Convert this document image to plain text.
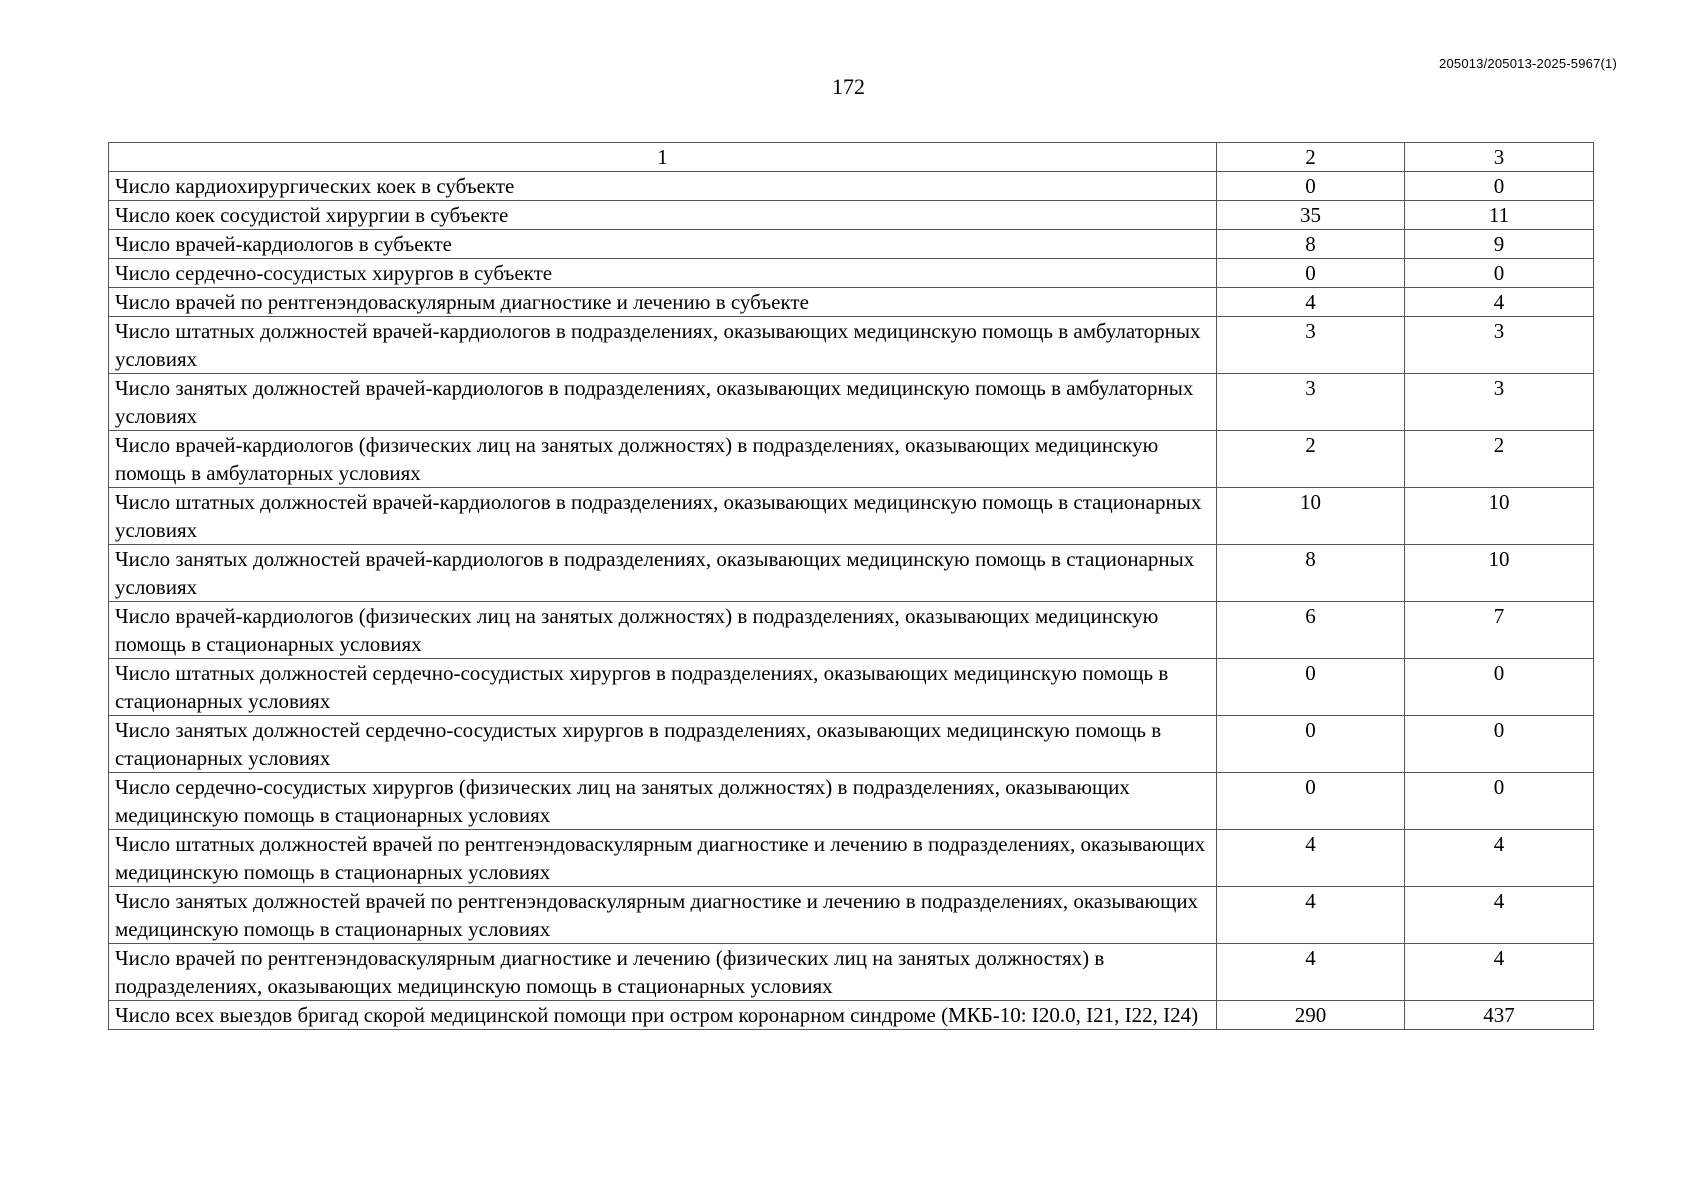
205013/205013-2025-5967(1)
172
1	2	3
Число кардиохирургических коек в субъекте	0	0
Число коек сосудистой хирургии в субъекте	35	11
Число врачей-кардиологов в субъекте	8	9
Число сердечно-сосудистых хирургов в субъекте	0	0
Число врачей по рентгенэндоваскулярным диагностике и лечению в субъекте	4	4
Число штатных должностей врачей-кардиологов в подразделениях, оказывающих медицинскую помощь в амбулаторных условиях	3	3
Число занятых должностей врачей-кардиологов в подразделениях, оказывающих медицинскую помощь в амбулаторных условиях	3	3
Число врачей-кардиологов (физических лиц на занятых должностях) в подразделениях, оказывающих медицинскую помощь в амбулаторных условиях	2	2
Число штатных должностей врачей-кардиологов в подразделениях, оказывающих медицинскую помощь в стационарных условиях	10	10
Число занятых должностей врачей-кардиологов в подразделениях, оказывающих медицинскую помощь в стационарных условиях	8	10
Число врачей-кардиологов (физических лиц на занятых должностях) в подразделениях, оказывающих медицинскую помощь в стационарных условиях	6	7
Число штатных должностей сердечно-сосудистых хирургов в подразделениях, оказывающих медицинскую помощь в стационарных условиях	0	0
Число занятых должностей сердечно-сосудистых хирургов в подразделениях, оказывающих медицинскую помощь в стационарных условиях	0	0
Число сердечно-сосудистых хирургов (физических лиц на занятых должностях) в подразделениях, оказывающих медицинскую помощь в стационарных условиях	0	0
Число штатных должностей врачей по рентгенэндоваскулярным диагностике и лечению в подразделениях, оказывающих медицинскую помощь в стационарных условиях	4	4
Число занятых должностей врачей по рентгенэндоваскулярным диагностике и лечению в подразделениях, оказывающих медицинскую помощь в стационарных условиях	4	4
Число врачей по рентгенэндоваскулярным диагностике и лечению (физических лиц на занятых должностях) в подразделениях, оказывающих медицинскую помощь в стационарных условиях	4	4
Число всех выездов бригад скорой медицинской помощи при остром коронарном синдроме (МКБ-10: I20.0, I21, I22, I24)	290	437
